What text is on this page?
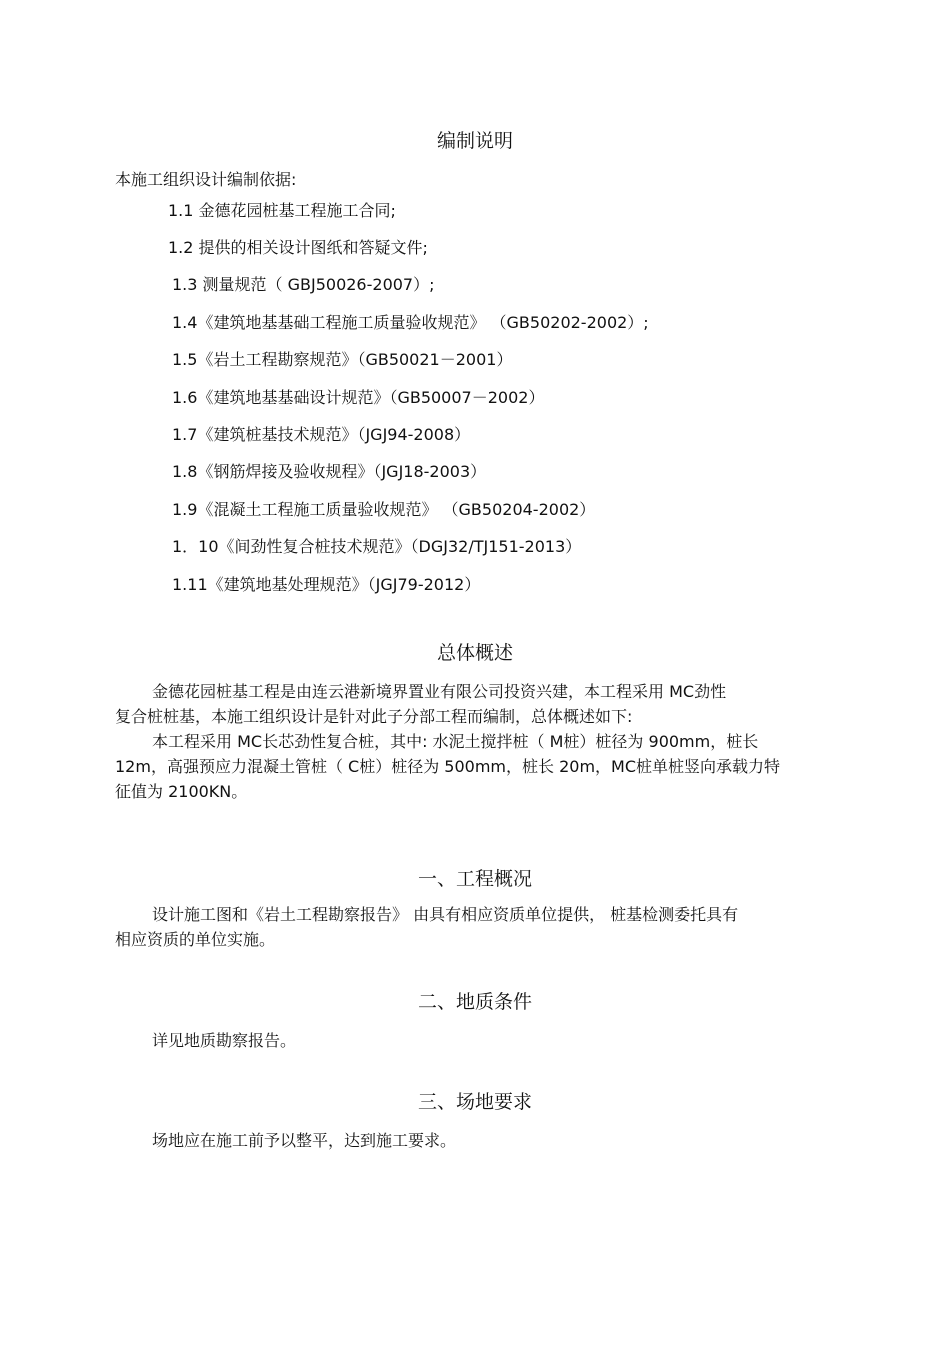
编制说明
本施工组织设计编制依据:
1.1 金德花园桩基工程施工合同;
1.2 提供的相关设计图纸和答疑文件;
1.3 测量规范（ GBJ50026-2007）;
1.4《建筑地基基础工程施工质量验收规范》 （GB50202-2002）;
1.5《岩土工程勘察规范》（GB50021－2001）
1.6《建筑地基基础设计规范》（GB50007－2002）
1.7《建筑桩基技术规范》（JGJ94-2008）
1.8《钢筋焊接及验收规程》（JGJ18-2003）
1.9《混凝土工程施工质量验收规范》 （GB50204-2002）
1．10《间劲性复合桩技术规范》（DGJ32/TJ151-2013）
1.11《建筑地基处理规范》（JGJ79-2012）
总体概述
金德花园桩基工程是由连云港新境界置业有限公司投资兴建，本工程采用 MC劲性
复合桩桩基，本施工组织设计是针对此子分部工程而编制，总体概述如下:
本工程采用 MC长芯劲性复合桩，其中: 水泥土搅拌桩（ M桩）桩径为 900mm，桩长
12m，高强预应力混凝土管桩（ C桩）桩径为 500mm，桩长 20m，MC桩单桩竖向承载力特
征值为 2100KN。
一、工程概况
设计施工图和《岩土工程勘察报告》 由具有相应资质单位提供， 桩基检测委托具有
相应资质的单位实施。
二、地质条件
详见地质勘察报告。
三、场地要求
场地应在施工前予以整平，达到施工要求。
